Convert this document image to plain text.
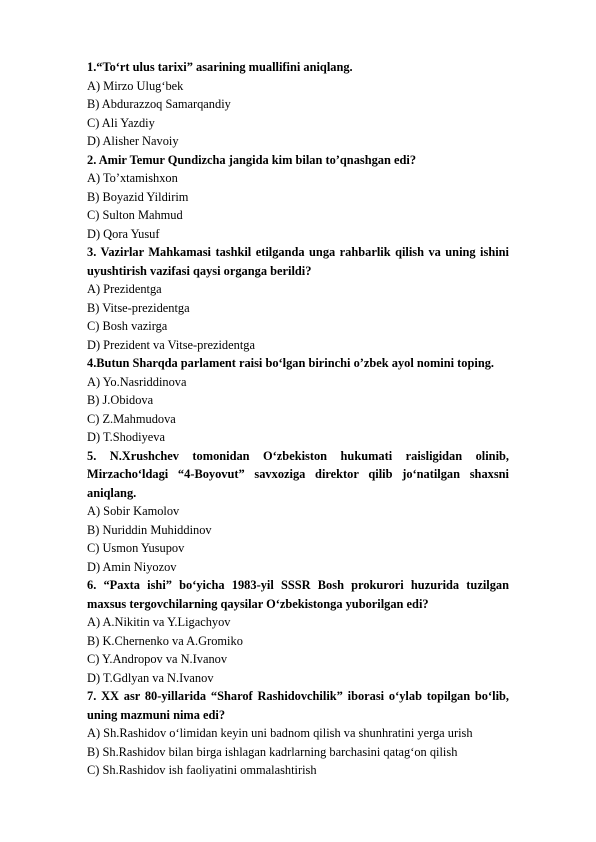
1.“To‘rt ulus tarixi” asarining muallifini aniqlang.

A) Mirzo Ulug‘bek

B) Abdurazzoq Samarqandiy

C) Ali Yazdiy

D) Alisher Navoiy

2. Amir Temur Qundizcha jangida kim bilan to’qnashgan edi?

A) To’xtamishxon

B) Boyazid Yildirim

C) Sulton Mahmud

D) Qora Yusuf

3. Vazirlar Mahkamasi tashkil etilganda unga rahbarlik qilish va uning ishini uyushtirish vazifasi qaysi organga berildi?

A) Prezidentga

B) Vitse-prezidentga

C) Bosh vazirga

D) Prezident va Vitse-prezidentga

4.Butun Sharqda parlament raisi bo‘lgan birinchi o’zbek ayol nomini toping.

A) Yo.Nasriddinova

B) J.Obidova

C) Z.Mahmudova

D) T.Shodiyeva

5. N.Xrushchev tomonidan O‘zbekiston hukumati raisligidan olinib, Mirzacho‘ldagi “4-Boyovut” savxoziga direktor qilib jo‘natilgan shaxsni aniqlang.

A) Sobir Kamolov

B) Nuriddin Muhiddinov

C) Usmon Yusupov

D) Amin Niyozov

6. “Paxta ishi” bo‘yicha 1983-yil SSSR Bosh prokurori huzurida tuzilgan maxsus tergovchilarning qaysilar O‘zbekistonga yuborilgan edi?

A) A.Nikitin va Y.Ligachyov

B) K.Chernenko va A.Gromiko

C) Y.Andropov va N.Ivanov

D) T.Gdlyan va N.Ivanov

7. XX asr 80-yillarida “Sharof Rashidovchilik” iborasi o‘ylab topilgan bo‘lib, uning mazmuni nima edi?

A) Sh.Rashidov o‘limidan keyin uni badnom qilish va shunhratini yerga urish

B) Sh.Rashidov bilan birga ishlagan kadrlarning barchasini qatag‘on qilish

C) Sh.Rashidov ish faoliyatini ommalashtirish
